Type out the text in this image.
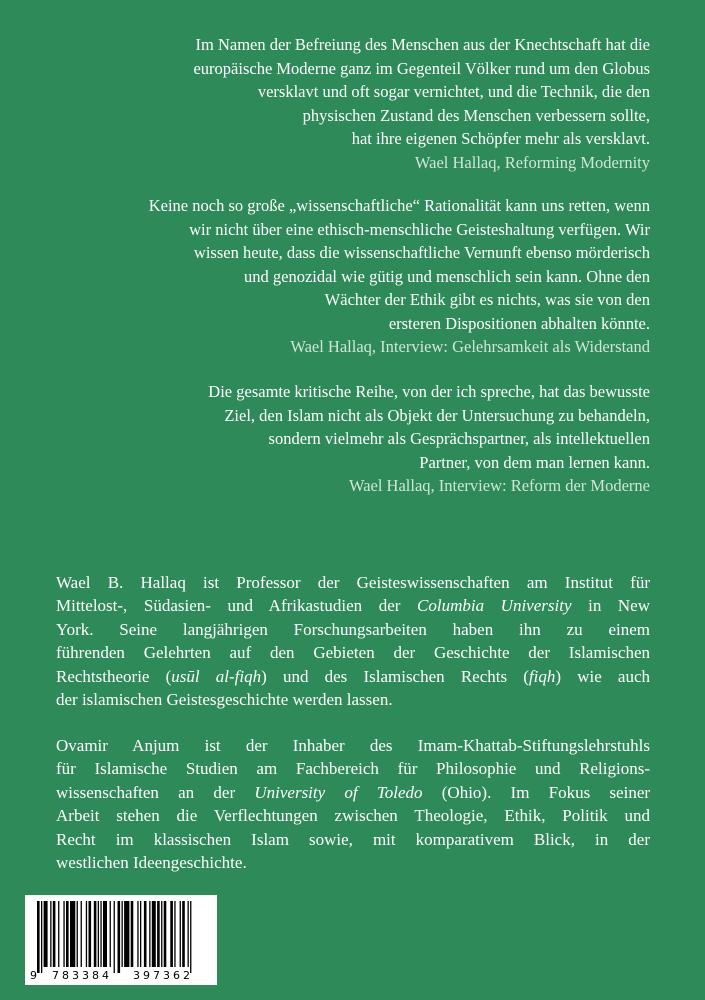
Im Namen der Befreiung des Menschen aus der Knechtschaft hat die
europäische Moderne ganz im Gegenteil Völker rund um den Globus
versklavt und oft sogar vernichtet, und die Technik, die den
physischen Zustand des Menschen verbessern sollte,
hat ihre eigenen Schöpfer mehr als versklavt.
Wael Hallaq, Reforming Modernity
Keine noch so große „wissenschaftliche“ Rationalität kann uns retten, wenn
wir nicht über eine ethisch-menschliche Geisteshaltung verfügen. Wir
wissen heute, dass die wissenschaftliche Vernunft ebenso mörderisch
und genozidal wie gütig und menschlich sein kann. Ohne den
Wächter der Ethik gibt es nichts, was sie von den
ersteren Dispositionen abhalten könnte.
Wael Hallaq, Interview: Gelehrsamkeit als Widerstand
Die gesamte kritische Reihe, von der ich spreche, hat das bewusste
Ziel, den Islam nicht als Objekt der Untersuchung zu behandeln,
sondern vielmehr als Gesprächspartner, als intellektuellen
Partner, von dem man lernen kann.
Wael Hallaq, Interview: Reform der Moderne
Wael B. Hallaq ist Professor der Geisteswissenschaften am Institut für
Mittelost-, Südasien- und Afrikastudien der Columbia University in New
York. Seine langjährigen Forschungsarbeiten haben ihn zu einem
führenden Gelehrten auf den Gebieten der Geschichte der Islamischen
Rechtstheorie (usūl al-fiqh) und des Islamischen Rechts (fiqh) wie auch
der islamischen Geistesgeschichte werden lassen.
Ovamir Anjum ist der Inhaber des Imam-Khattab-Stiftungslehrstuhls
für Islamische Studien am Fachbereich für Philosophie und Religions-
wissenschaften an der University of Toledo (Ohio). Im Fokus seiner
Arbeit stehen die Verflechtungen zwischen Theologie, Ethik, Politik und
Recht im klassischen Islam sowie, mit komparativem Blick, in der
westlichen Ideengeschichte.
9 783384 397362
